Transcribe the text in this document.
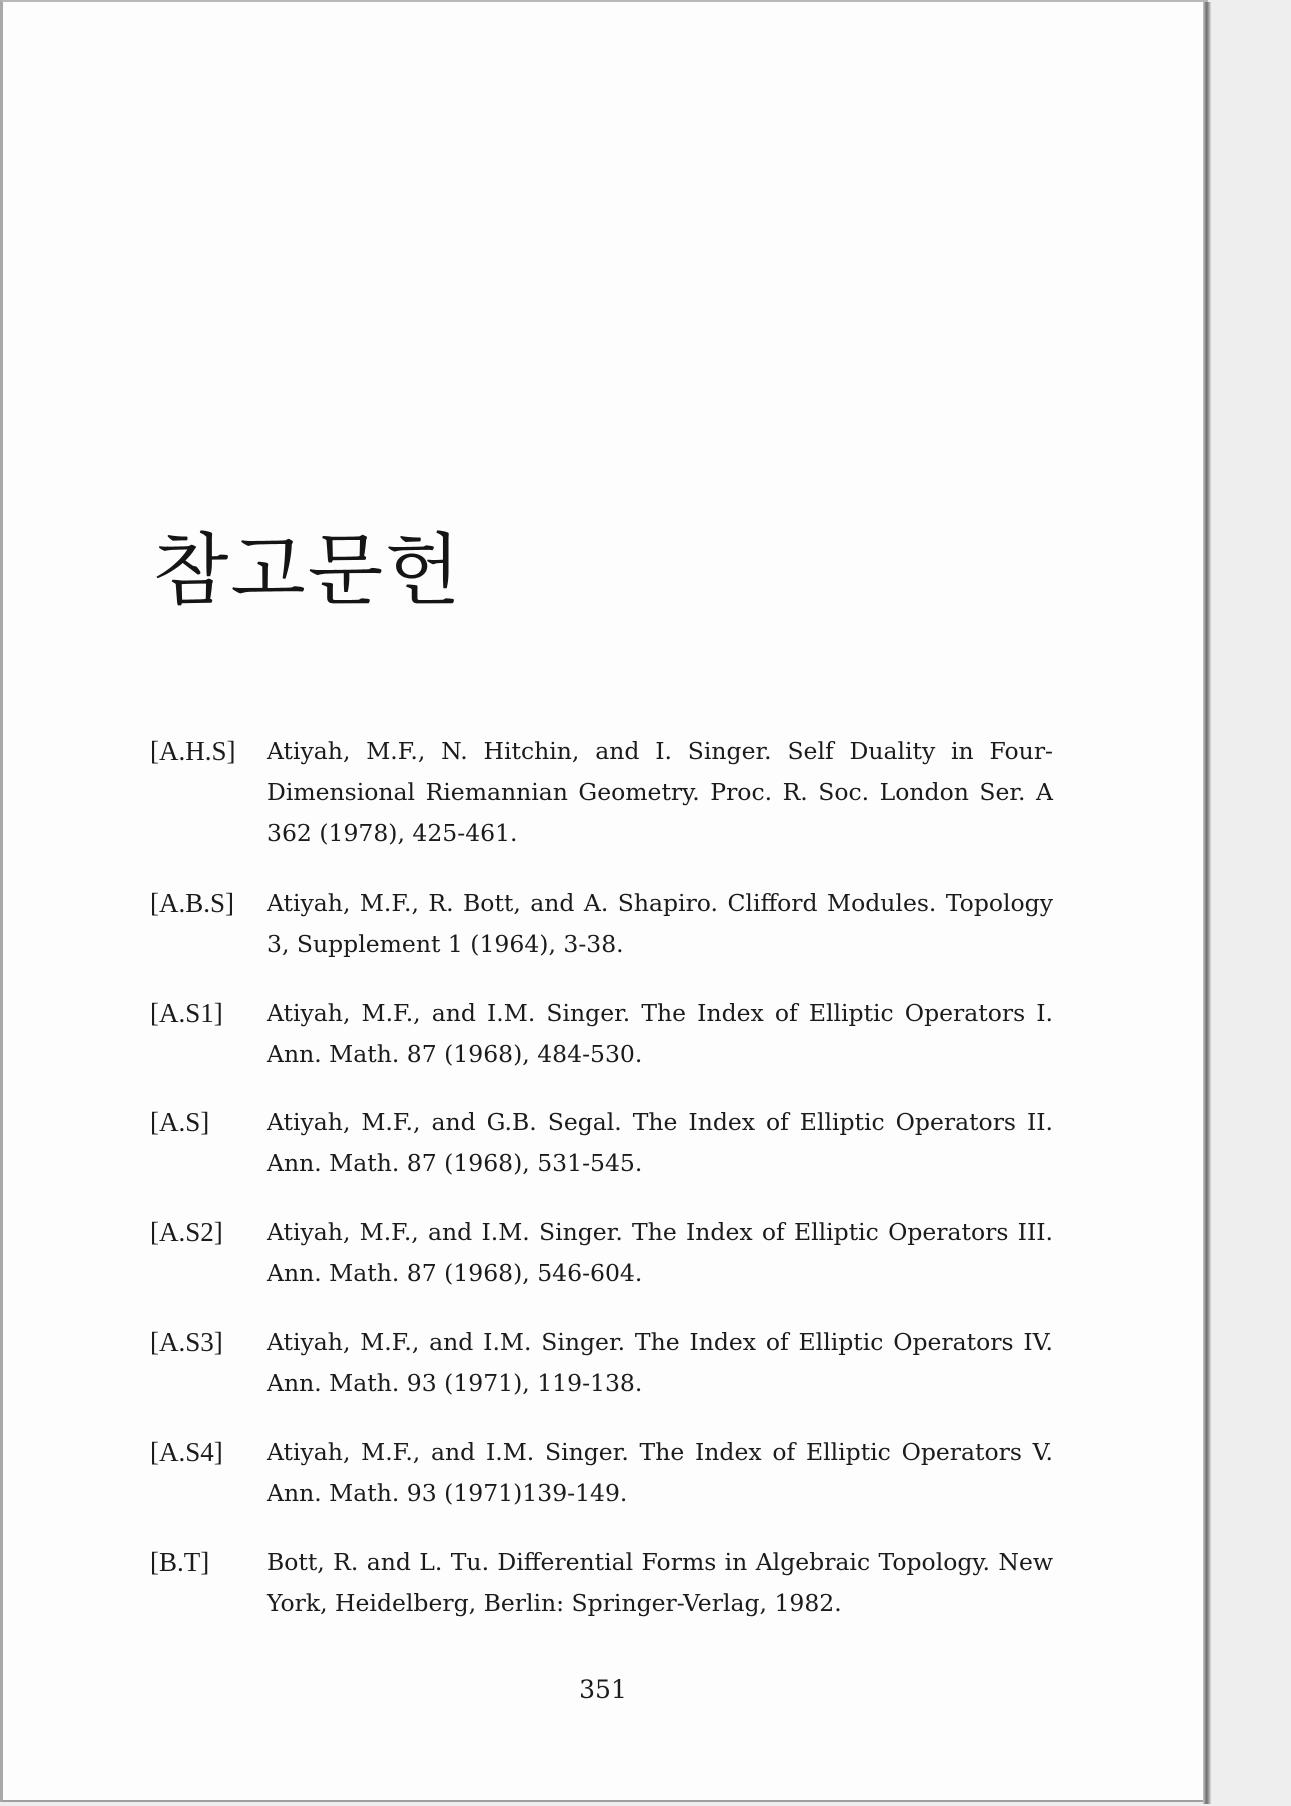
참고문헌
[A.H.S] Atiyah, M.F., N. Hitchin, and I. Singer. Self Duality in Four-Dimensional Riemannian Geometry. Proc. R. Soc. London Ser. A 362 (1978), 425-461.
[A.B.S] Atiyah, M.F., R. Bott, and A. Shapiro. Clifford Modules. Topology 3, Supplement 1 (1964), 3-38.
[A.S1] Atiyah, M.F., and I.M. Singer. The Index of Elliptic Operators I. Ann. Math. 87 (1968), 484-530.
[A.S] Atiyah, M.F., and G.B. Segal. The Index of Elliptic Operators II. Ann. Math. 87 (1968), 531-545.
[A.S2] Atiyah, M.F., and I.M. Singer. The Index of Elliptic Operators III. Ann. Math. 87 (1968), 546-604.
[A.S3] Atiyah, M.F., and I.M. Singer. The Index of Elliptic Operators IV. Ann. Math. 93 (1971), 119-138.
[A.S4] Atiyah, M.F., and I.M. Singer. The Index of Elliptic Operators V. Ann. Math. 93 (1971)139-149.
[B.T] Bott, R. and L. Tu. Differential Forms in Algebraic Topology. New York, Heidelberg, Berlin: Springer-Verlag, 1982.
351
